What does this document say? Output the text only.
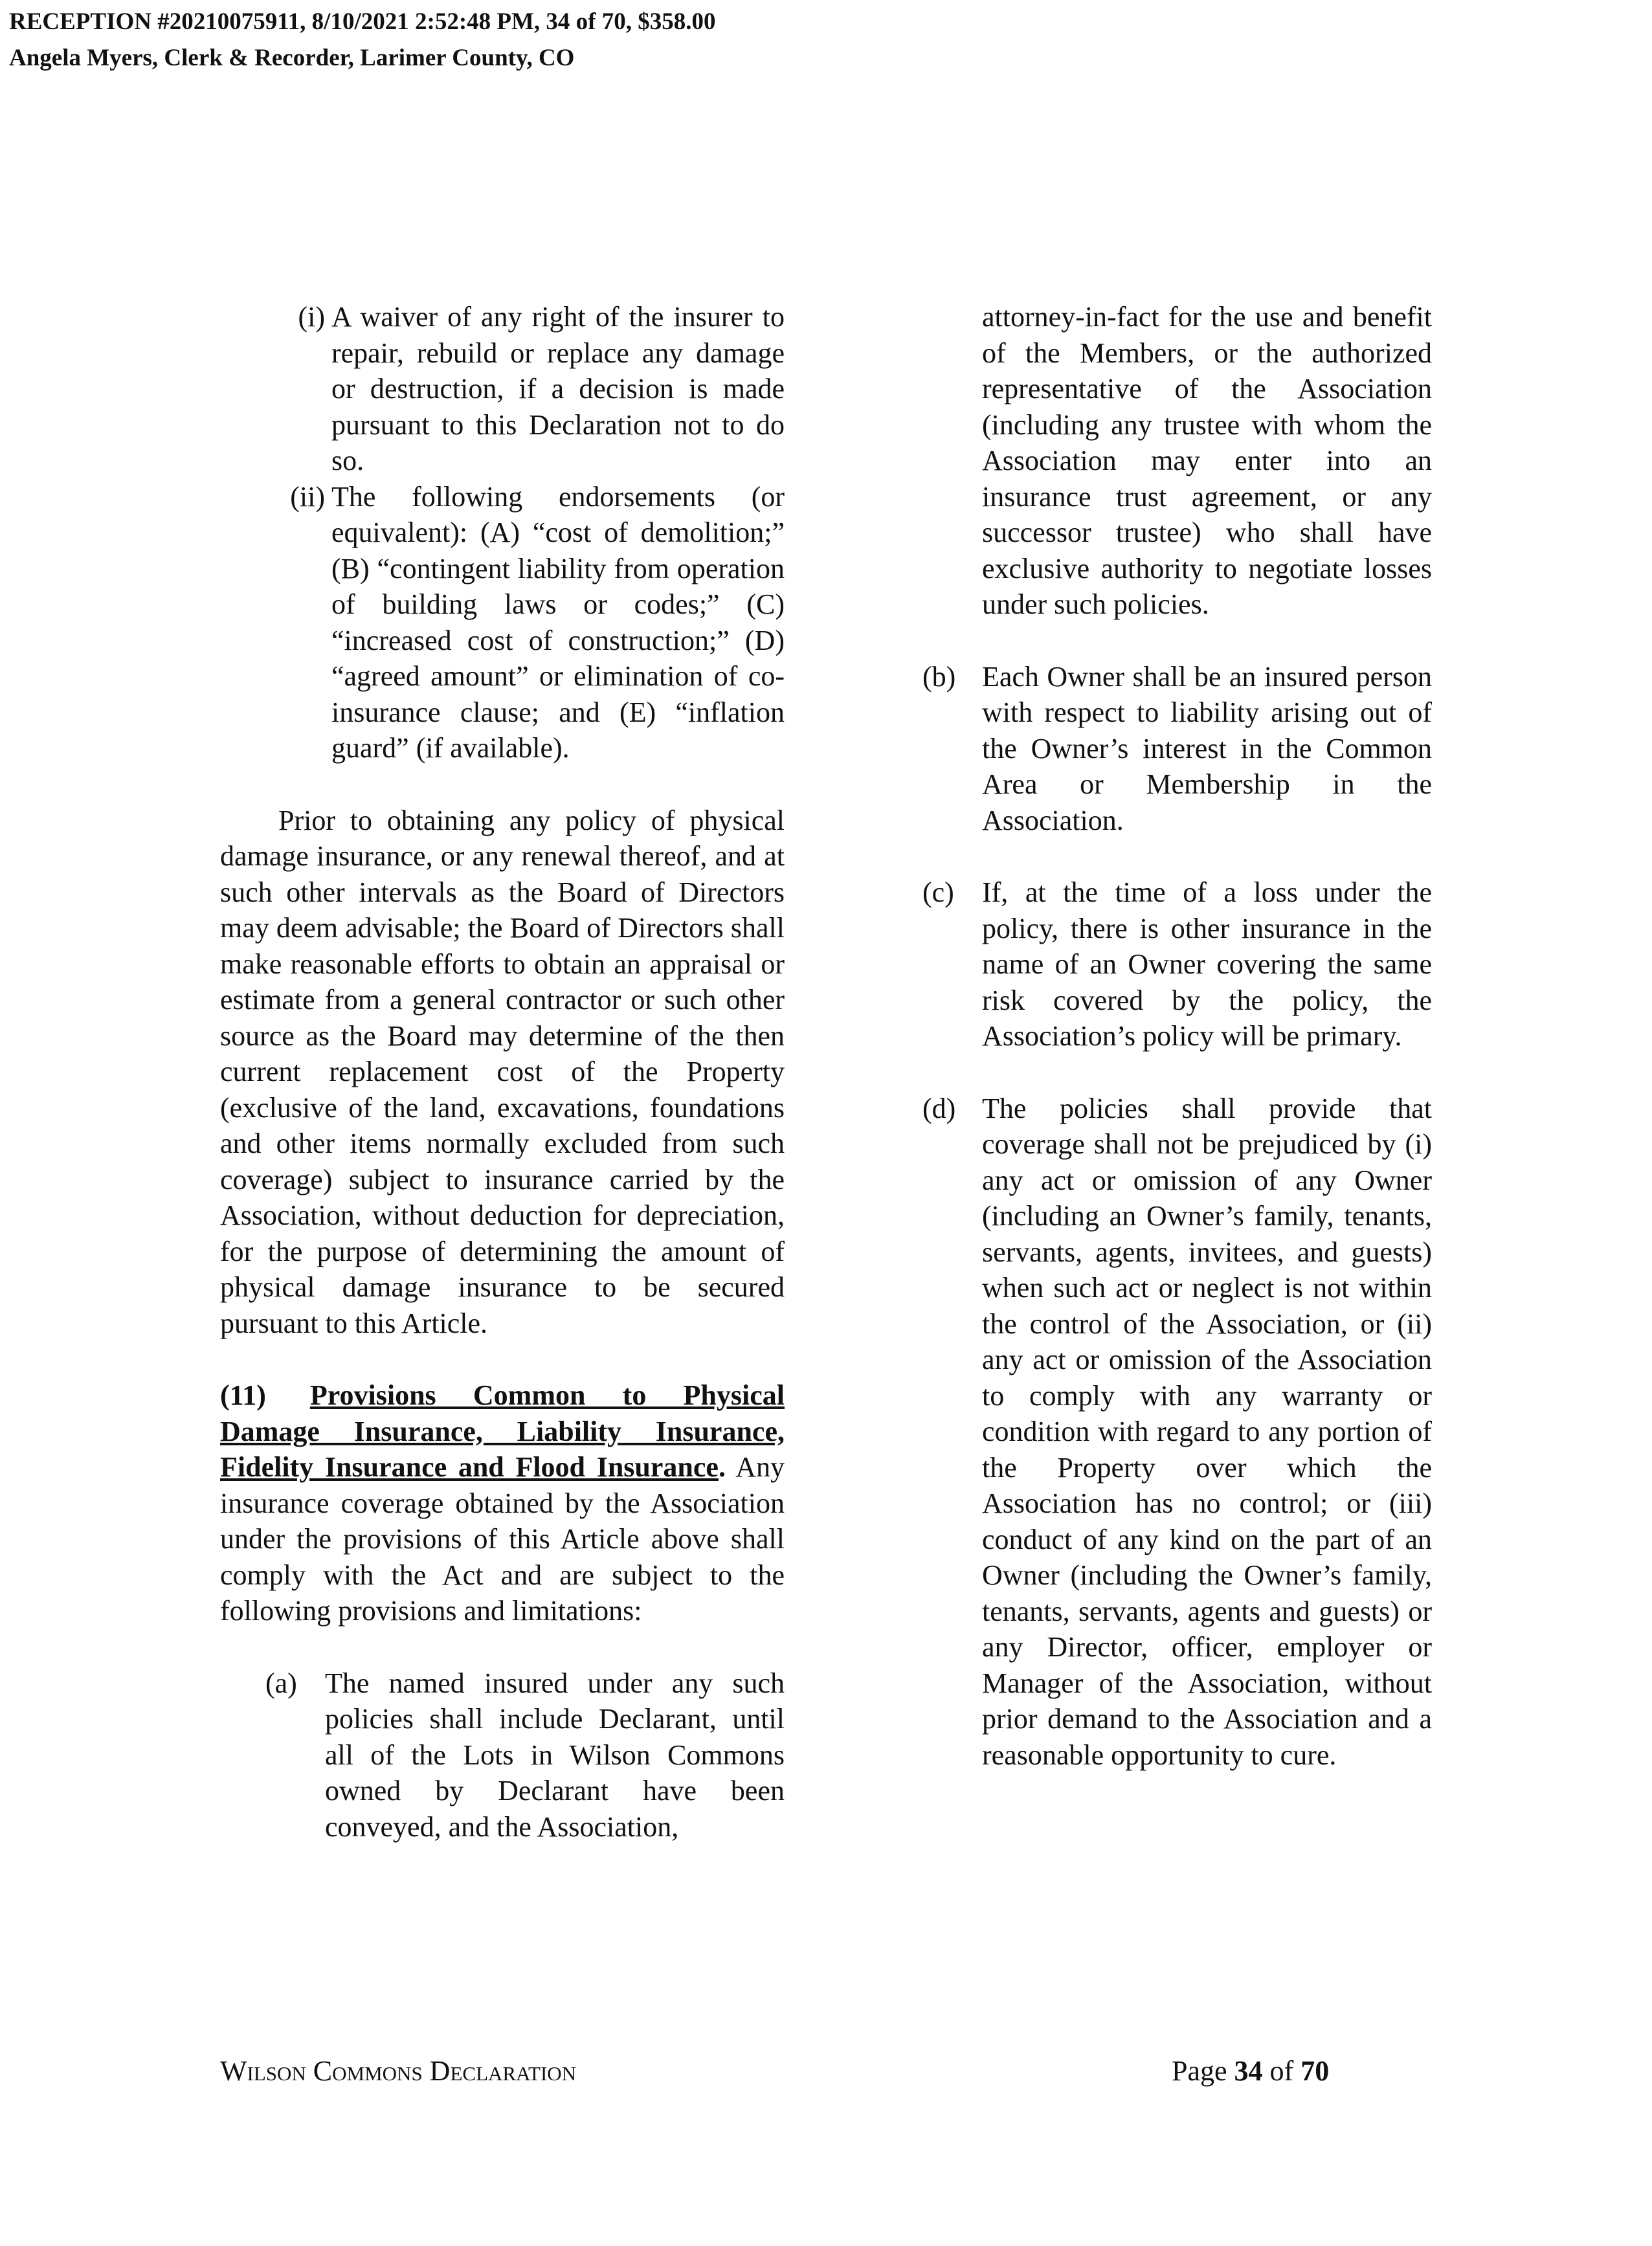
RECEPTION #20210075911, 8/10/2021 2:52:48 PM, 34 of 70, $358.00
Angela Myers, Clerk & Recorder, Larimer County, CO
(i) A waiver of any right of the insurer to repair, rebuild or replace any damage or destruction, if a decision is made pursuant to this Declaration not to do so.
(ii) The following endorsements (or equivalent): (A) “cost of demolition;” (B) “contingent liability from operation of building laws or codes;” (C) “increased cost of construction;” (D) “agreed amount” or elimination of co-insurance clause; and (E) “inflation guard” (if available).

Prior to obtaining any policy of physical damage insurance, or any renewal thereof, and at such other intervals as the Board of Directors may deem advisable; the Board of Directors shall make reasonable efforts to obtain an appraisal or estimate from a general contractor or such other source as the Board may determine of the then current replacement cost of the Property (exclusive of the land, excavations, foundations and other items normally excluded from such coverage) subject to insurance carried by the Association, without deduction for depreciation, for the purpose of determining the amount of physical damage insurance to be secured pursuant to this Article.

(11) Provisions Common to Physical Damage Insurance, Liability Insurance, Fidelity Insurance and Flood Insurance. Any insurance coverage obtained by the Association under the provisions of this Article above shall comply with the Act and are subject to the following provisions and limitations:

(a) The named insured under any such policies shall include Declarant, until all of the Lots in Wilson Commons owned by Declarant have been conveyed, and the Association,

attorney-in-fact for the use and benefit of the Members, or the authorized representative of the Association (including any trustee with whom the Association may enter into an insurance trust agreement, or any successor trustee) who shall have exclusive authority to negotiate losses under such policies.

(b) Each Owner shall be an insured person with respect to liability arising out of the Owner’s interest in the Common Area or Membership in the Association.
(c) If, at the time of a loss under the policy, there is other insurance in the name of an Owner covering the same risk covered by the policy, the Association’s policy will be primary.
(d) The policies shall provide that coverage shall not be prejudiced by (i) any act or omission of any Owner (including an Owner’s family, tenants, servants, agents, invitees, and guests) when such act or neglect is not within the control of the Association, or (ii) any act or omission of the Association to comply with any warranty or condition with regard to any portion of the Property over which the Association has no control; or (iii) conduct of any kind on the part of an Owner (including the Owner’s family, tenants, servants, agents and guests) or any Director, officer, employer or Manager of the Association, without prior demand to the Association and a reasonable opportunity to cure.
Wilson Commons Declaration	Page 34 of 70
